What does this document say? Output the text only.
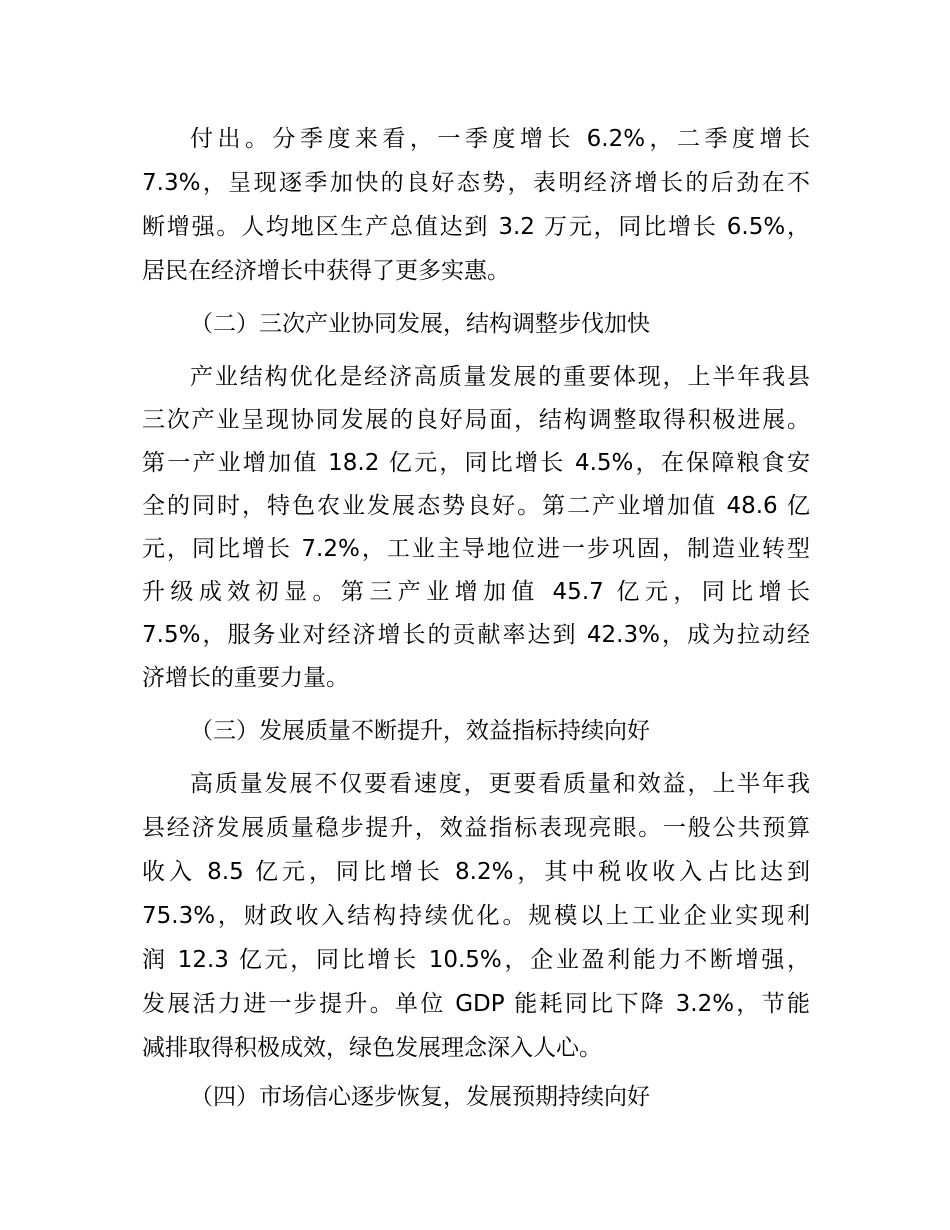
付出。分季度来看，一季度增长 6.2%，二季度增长
7.3%，呈现逐季加快的良好态势，表明经济增长的后劲在不
断增强。人均地区生产总值达到 3.2 万元，同比增长 6.5%，
居民在经济增长中获得了更多实惠。
（二）三次产业协同发展，结构调整步伐加快
产业结构优化是经济高质量发展的重要体现，上半年我县
三次产业呈现协同发展的良好局面，结构调整取得积极进展。
第一产业增加值 18.2 亿元，同比增长 4.5%，在保障粮食安
全的同时，特色农业发展态势良好。第二产业增加值 48.6 亿
元，同比增长 7.2%，工业主导地位进一步巩固，制造业转型
升级成效初显。第三产业增加值 45.7 亿元，同比增长
7.5%，服务业对经济增长的贡献率达到 42.3%，成为拉动经
济增长的重要力量。
（三）发展质量不断提升，效益指标持续向好
高质量发展不仅要看速度，更要看质量和效益，上半年我
县经济发展质量稳步提升，效益指标表现亮眼。一般公共预算
收入 8.5 亿元，同比增长 8.2%，其中税收收入占比达到
75.3%，财政收入结构持续优化。规模以上工业企业实现利
润 12.3 亿元，同比增长 10.5%，企业盈利能力不断增强，
发展活力进一步提升。单位 GDP 能耗同比下降 3.2%，节能
减排取得积极成效，绿色发展理念深入人心。
（四）市场信心逐步恢复，发展预期持续向好
